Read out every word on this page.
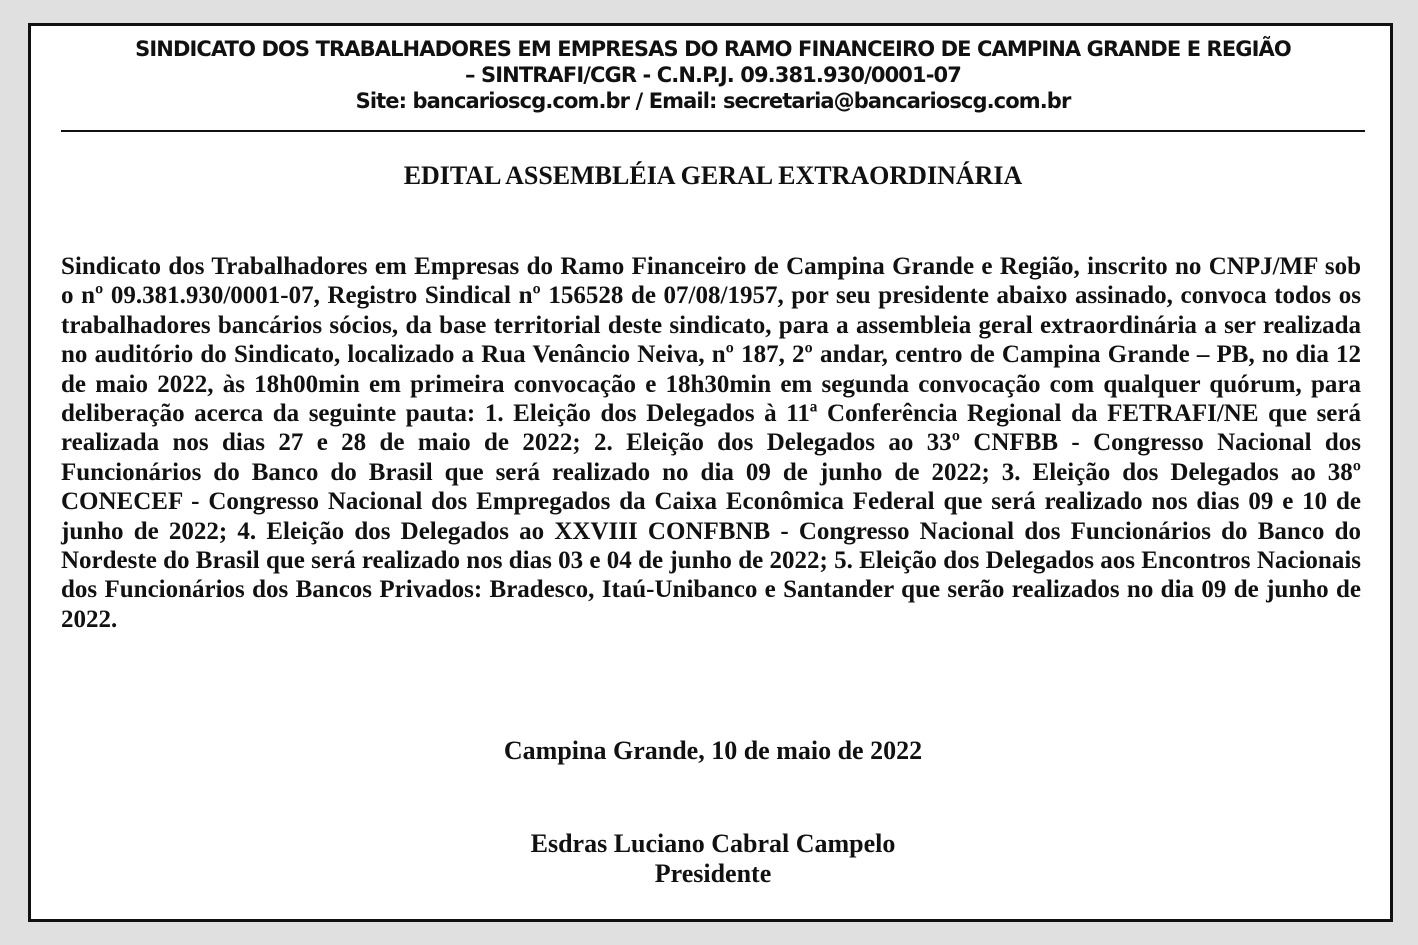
SINDICATO DOS TRABALHADORES EM EMPRESAS DO RAMO FINANCEIRO DE CAMPINA GRANDE E REGIÃO
– SINTRAFI/CGR - C.N.P.J. 09.381.930/0001-07
Site: bancarioscg.com.br / Email: secretaria@bancarioscg.com.br
EDITAL ASSEMBLÉIA GERAL EXTRAORDINÁRIA

Sindicato dos Trabalhadores em Empresas do Ramo Financeiro de Campina Grande e Região, inscrito no CNPJ/MF sob o nº 09.381.930/0001-07, Registro Sindical nº 156528 de 07/08/1957, por seu presidente abaixo assinado, convoca todos os trabalhadores bancários sócios, da base territorial deste sindicato, para a assembleia geral extraordinária a ser realizada no auditório do Sindicato, localizado a Rua Venâncio Neiva, nº 187, 2º andar, centro de Campina Grande – PB, no dia 12 de maio 2022, às 18h00min em primeira convocação e 18h30min em segunda convocação com qualquer quórum, para deliberação acerca da seguinte pauta: 1. Eleição dos Delegados à 11ª Conferência Regional da FETRAFI/NE que será realizada nos dias 27 e 28 de maio de 2022; 2. Eleição dos Delegados ao 33º CNFBB - Congresso Nacional dos Funcionários do Banco do Brasil que será realizado no dia 09 de junho de 2022; 3. Eleição dos Delegados ao 38º CONECEF - Congresso Nacional dos Empregados da Caixa Econômica Federal que será realizado nos dias 09 e 10 de junho de 2022; 4. Eleição dos Delegados ao XXVIII CONFBNB - Congresso Nacional dos Funcionários do Banco do Nordeste do Brasil que será realizado nos dias 03 e 04 de junho de 2022; 5. Eleição dos Delegados aos Encontros Nacionais dos Funcionários dos Bancos Privados: Bradesco, Itaú-Unibanco e Santander que serão realizados no dia 09 de junho de 2022.

Campina Grande, 10 de maio de 2022
Esdras Luciano Cabral Campelo
Presidente
